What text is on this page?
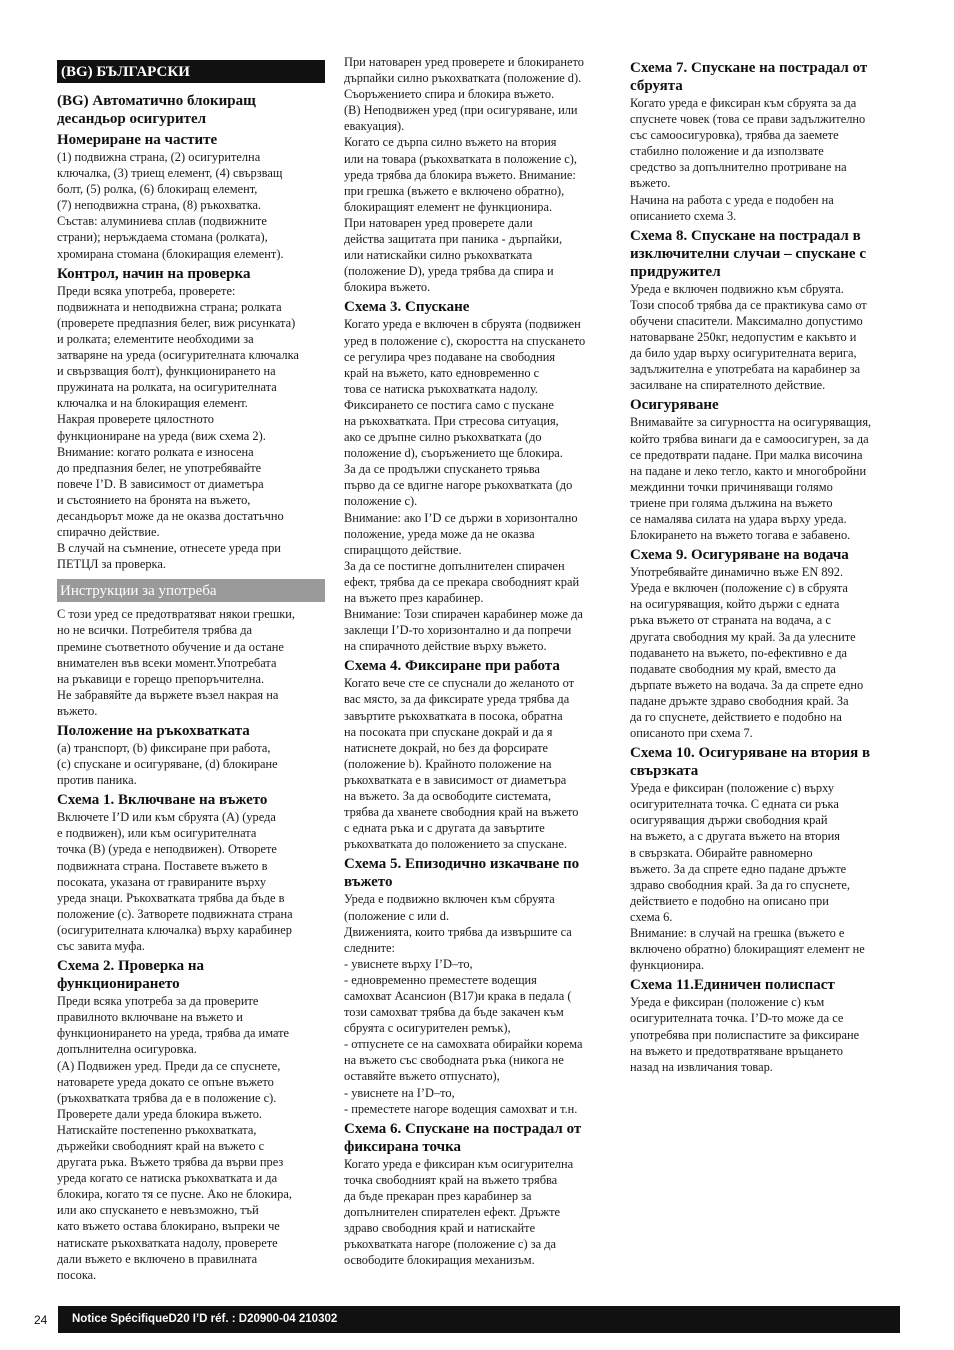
(BG) БЪЛГАРСКИ
(BG) Автоматично блокиращ десандьор осигурител
Номериране на частите

(1) подвижна страна, (2) осигурителна
ключалка, (3) триещ елемент, (4) свързващ
болт, (5) ролка, (6) блокиращ елемент,
(7) неподвижна страна, (8) ръкохватка.
Състав: алуминиева сплав (подвижните
страни); неръждаема стомана (ролката),
хромирана стомана (блокиращия елемент).

Контрол, начин на проверка

Преди всяка употреба, проверете:
подвижната и неподвижна страна; ролката
(проверете предпазния белег, виж рисунката)
и ролката; елементите необходими за
затваряне на уреда (осигурителната ключалка
и свързващия болт), функционирането на
пружината на ролката, на осигурителната
ключалка и на блокиращия елемент.
Накрая проверете цялостното
функциониране на уреда (виж схема 2).
Внимание: когато ролката е износена
до предпазния белег, не употребявайте
повече I’D. В зависимост от диаметъра
и състоянието на бронята на въжето,
десандьорът може да не оказва достатъчно
спирачно действие.
В случай на съмнение, отнесете уреда при
ПЕТЦЛ за проверка.

Инструкции за употреба

С този уред се предотвратяват някои грешки,
но не всички. Потребителя трябва да
премине съответното обучение и да остане
внимателен във всеки момент.Употребата
на ръкавици е горещо препоръчителна.
Не забравяйте да вържете възел накрая на
въжето.

Положение на ръкохватката

(а) транспорт, (b) фиксиране при работа,
(с) спускане и осигуряване, (d) блокиране
против паника.

Схема 1. Включване на въжето

Включете I’D или към сбруята (A) (уреда
е подвижен), или към осигурителната
точка (B) (уреда е неподвижен). Отворете
подвижната страна. Поставете въжето в
посоката, указана от гравираните върху
уреда знаци. Ръкохватката трябва да бъде в
положение (с). Затворете подвижната страна
(осигурителната ключалка) върху карабинер
със завита муфа.

Схема 2. Проверка на функционирането

Преди всяка употреба за да проверите
правилното включване на въжето и
функционирането на уреда, трябва да имате
допълнителна осигуровка.
(A) Подвижен уред. Преди да се спуснете,
натоварете уреда докато се опъне въжето
(ръкохватката трябва да е в положение с).
Проверете дали уреда блокира въжето.
Натискайте постепенно ръкохватката,
държейки свободният край на въжето с
другата ръка. Въжето трябва да върви през
уреда когато се натиска ръкохватката и да
блокира, когато тя се пусне. Ако не блокира,
или ако спускането е невъзможно, тъй
като въжето остава блокирано, въпреки че
натискате ръкохватката надолу, проверете
дали въжето е включено в правилната
посока.

При натоварен уред проверете и блокирането
дърпайки силно ръкохватката (положение d).
Съоръжението спира и блокира въжето.
(B) Неподвижен уред (при осигуряване, или
евакуация).
Когато се дърпа силно въжето на втория
или на товара (ръкохватката в положение с),
уреда трябва да блокира въжето. Внимание:
при грешка (въжето е включено обратно),
блокиращият елемент не функционира.
При натоварен уред проверете дали
действа защитата при паника - дърпайки,
или натискайки силно ръкохватката
(положение D), уреда трябва да спира и
блокира въжето.

Схема 3. Спускане

Когато уреда е включен в сбруята (подвижен
уред в положение с), скоростта на спускането
се регулира чрез подаване на свободния
край на въжето, като едновременно с
това се натиска ръкохватката надолу.
Фиксирането се постига само с пускане
на ръкохватката. При стресова ситуация,
ако се дръпне силно ръкохватката (до
положение d), съоръжението ще блокира.
За да се продължи спускането тряьва
първо да се вдигне нагоре ръкохватката (до
положение с).
Внимание: ако I’D се държи в хоризонтално
положение, уреда може да не оказва
спирацщото действие.
За да се постигне допълнителен спирачен
ефект, трябва да се прекара свободният край
на въжето през карабинер.
Внимание: Този спирачен карабинер може да
заклещи I’D-то хоризонтално и да попречи
на спирачното действие върху въжето.

Схема 4. Фиксиране при работа

Когато вече сте се спуснали до желаното от
вас място, за да фиксирате уреда трябва да
завъртите ръкохватката в посока, обратна
на посоката при спускане докрай и да я
натиснете докрай, но без да форсирате
(положение b). Крайното положение на
ръкохватката е в зависимост от диаметъра
на въжето. За да освободите системата,
трябва да хванете свободния край на въжето
с едната ръка и с другата да завъртите
ръкохватката до положението за спускане.

Схема 5. Епизодично изкачване по въжето

Уреда е подвижно включен към сбруята
(положение с или d.
Движенията, които трябва да извършите са
следните:
- увиснете върху I’D–то,
- едновременно преместете водещия
самохват Асансион (B17)и крака в педала (
този самохват трябва да бъде закачен към
сбруята с осигурителен ремък),
- отпуснете се на самохвата обирайки корема
на въжето със свободната ръка (никога не
оставяйте въжето отпуснато),
- увиснете на I’D–то,
- преместете нагоре водещия самохват и т.н.

Схема 6. Спускане на пострадал от фиксирана точка

Когато уреда е фиксиран към осигурителна
точка свободният край на въжето трябва
да бъде прекаран през карабинер за
допълнителен спирателен ефект. Дръжте
здраво свободния край и натискайте
ръкохватката нагоре (положение с) за да
освободите блокиращия механизъм.

Схема 7. Спускане на пострадал от сбруята

Когато уреда е фиксиран към сбруята за да
спуснете човек (това се прави задължително
със самоосигуровка), трябва да заемете
стабилно положение и да използвате
средство за допълнително протриване на
въжето.
Начина на работа с уреда е подобен на
описанието схема 3.

Схема 8. Спускане на пострадал в изключителни случаи – спускане с придружител

Уреда е включен подвижно към сбруята.
Този способ трябва да се практикува само от
обучени спасители. Максимално допустимо
натоварване 250кг, недопустим е какъвто и
да било удар върху осигурителната верига,
задължителна е употребата на карабинер за
засилване на спирателното действие.

Осигуряване

Внимавайте за сигурността на осигуряващия,
който трябва винаги да е самоосигурен, за да
се предотврати падане. При малка височина
на падане и леко тегло, както и многобройни
междинни точки причиняващи голямо
триене при голяма дължина на въжето
се намалява силата на удара върху уреда.
Блокирането на въжето тогава е забавено.

Схема 9. Осигуряване на водача

Употребявайте динамично въже EN 892.
Уреда е включен (положение с) в сбруята
на осигуряващия, който държи с едната
ръка въжето от страната на водача, а с
другата свободния му край. За да улесните
подаването на въжето, по-ефективно е да
подавате свободния му край, вместо да
дърпате въжето на водача. За да спрете едно
падане дръжте здраво свободния край. За
да го спуснете, действието е подобно на
описаното при схема 7.

Схема 10. Осигуряване на втория в свързката

Уреда е фиксиран (положение с) върху
осигурителната точка. С едната си ръка
осигуряващия държи свободния край
на въжето, а с другата въжето на втория
в свързката. Обирайте равномерно
въжето. За да спрете едно падане дръжте
здраво свободния край. За да го спуснете,
действието е подобно на описано при
схема 6.
Внимание: в случай на грешка (въжето е
включено обратно) блокиращият елемент не
функционира.

Схема 11.Единичен полиспаст

Уреда е фиксиран (положение с) към
осигурителната точка. I’D-то може да се
употребява при полиспастите за фиксиране
на въжето и предотвратяване връщането
назад на извличания товар.

24	Notice SpécifiqueD20 I’D réf. : D20900-04 210302
